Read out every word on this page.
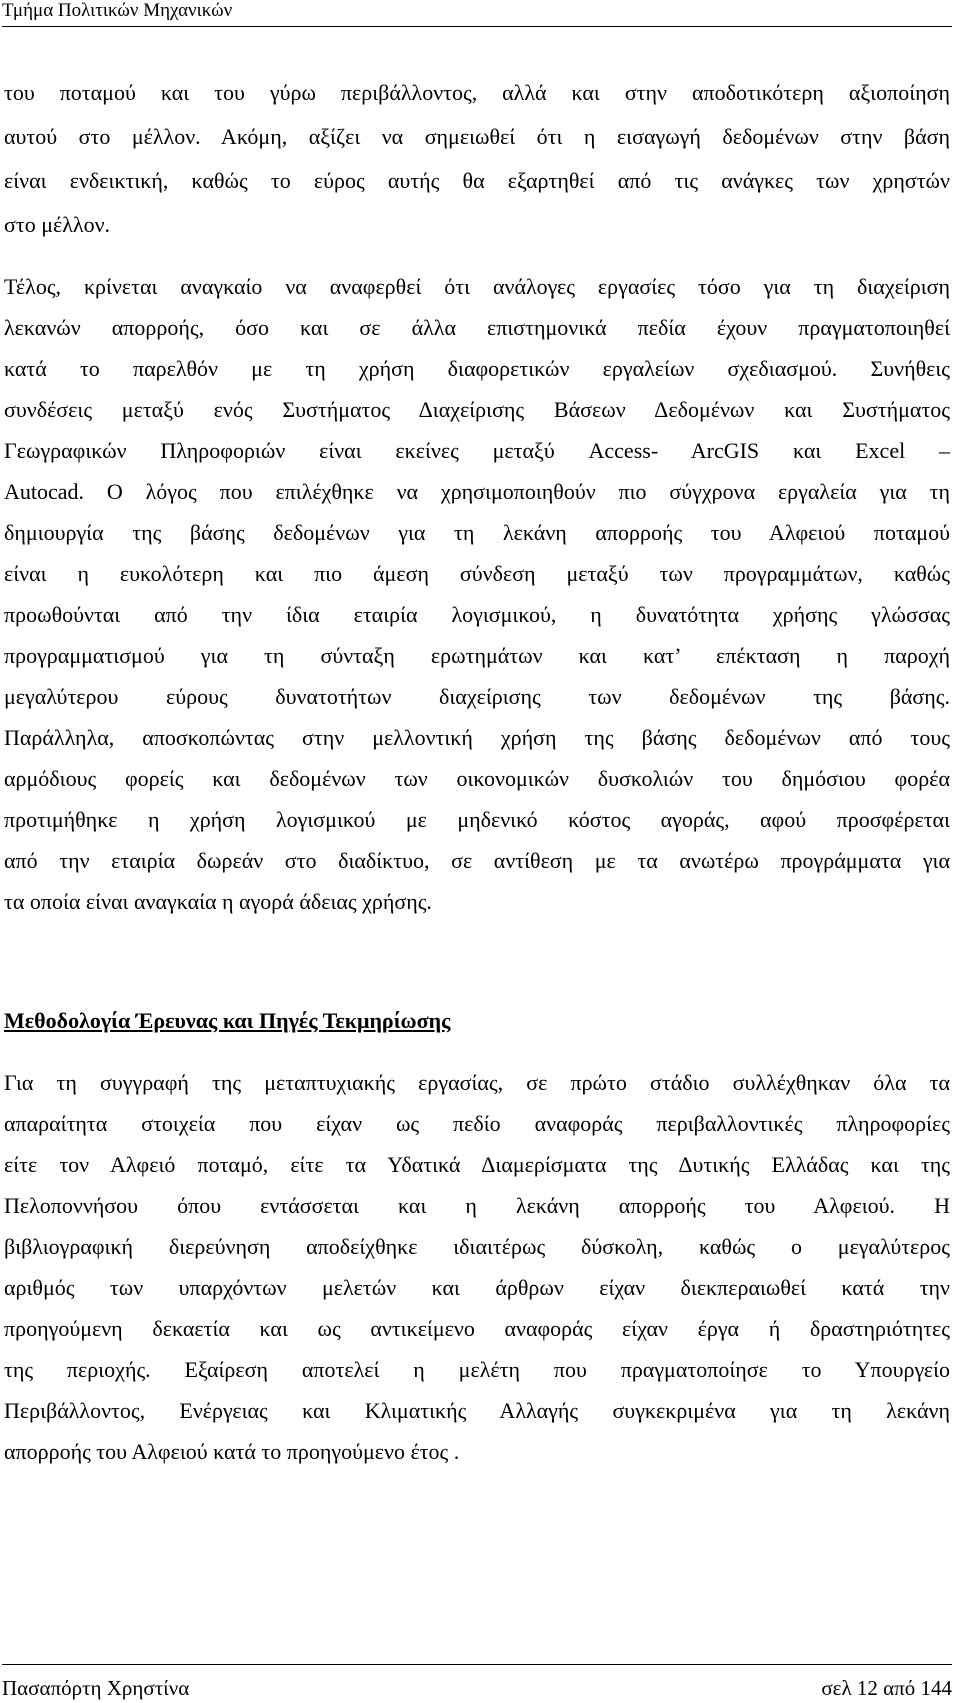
Τμήμα Πολιτικών Μηχανικών
του ποταμού και του γύρω περιβάλλοντος, αλλά και στην αποδοτικότερη αξιοποίηση
αυτού στο μέλλον. Ακόμη, αξίζει να σημειωθεί ότι η εισαγωγή δεδομένων στην βάση
είναι ενδεικτική, καθώς το εύρος αυτής θα εξαρτηθεί από τις ανάγκες των χρηστών
στο μέλλον.
Τέλος, κρίνεται αναγκαίο να αναφερθεί ότι ανάλογες εργασίες τόσο για τη διαχείριση
λεκανών απορροής, όσο και σε άλλα επιστημονικά πεδία έχουν πραγματοποιηθεί
κατά το παρελθόν με τη χρήση διαφορετικών εργαλείων σχεδιασμού. Συνήθεις
συνδέσεις μεταξύ ενός Συστήματος Διαχείρισης Βάσεων Δεδομένων και Συστήματος
Γεωγραφικών Πληροφοριών είναι εκείνες μεταξύ Access- ArcGIS και Excel –
Autocad. Ο λόγος που επιλέχθηκε να χρησιμοποιηθούν πιο σύγχρονα εργαλεία για τη
δημιουργία της βάσης δεδομένων για τη λεκάνη απορροής του Αλφειού ποταμού
είναι η ευκολότερη και πιο άμεση σύνδεση μεταξύ των προγραμμάτων, καθώς
προωθούνται από την ίδια εταιρία λογισμικού, η δυνατότητα χρήσης γλώσσας
προγραμματισμού για τη σύνταξη ερωτημάτων και κατ’ επέκταση η παροχή
μεγαλύτερου εύρους δυνατοτήτων διαχείρισης των δεδομένων της βάσης.
Παράλληλα, αποσκοπώντας στην μελλοντική χρήση της βάσης δεδομένων από τους
αρμόδιους φορείς και δεδομένων των οικονομικών δυσκολιών του δημόσιου φορέα
προτιμήθηκε η χρήση λογισμικού με μηδενικό κόστος αγοράς, αφού προσφέρεται
από την εταιρία δωρεάν στο διαδίκτυο, σε αντίθεση με τα ανωτέρω προγράμματα για
τα οποία είναι αναγκαία η αγορά άδειας χρήσης.
Μεθοδολογία Έρευνας και Πηγές Τεκμηρίωσης
Για τη συγγραφή της μεταπτυχιακής εργασίας, σε πρώτο στάδιο συλλέχθηκαν όλα τα
απαραίτητα στοιχεία που είχαν ως πεδίο αναφοράς περιβαλλοντικές πληροφορίες
είτε τον Αλφειό ποταμό, είτε τα Υδατικά Διαμερίσματα της Δυτικής Ελλάδας και της
Πελοποννήσου όπου εντάσσεται και η λεκάνη απορροής του Αλφειού. Η
βιβλιογραφική διερεύνηση αποδείχθηκε ιδιαιτέρως δύσκολη, καθώς ο μεγαλύτερος
αριθμός των υπαρχόντων μελετών και άρθρων είχαν διεκπεραιωθεί κατά την
προηγούμενη δεκαετία και ως αντικείμενο αναφοράς είχαν έργα ή δραστηριότητες
της περιοχής. Εξαίρεση αποτελεί η μελέτη που πραγματοποίησε το Υπουργείο
Περιβάλλοντος, Ενέργειας και Κλιματικής Αλλαγής συγκεκριμένα για τη λεκάνη
απορροής του Αλφειού κατά το προηγούμενο έτος .
Πασαπόρτη Χρηστίνα	σελ 12 από 144
